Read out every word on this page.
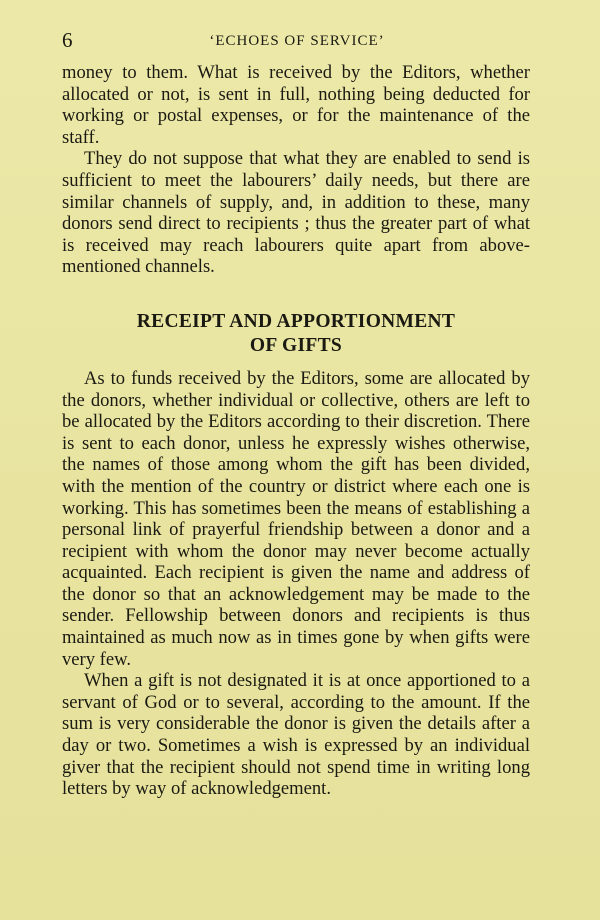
6	‘ECHOES OF SERVICE’

money to them. What is received by the Editors, whether allocated or not, is sent in full, nothing being deducted for working or postal expenses, or for the maintenance of the staff.

They do not suppose that what they are enabled to send is sufficient to meet the labourers’ daily needs, but there are similar channels of supply, and, in addition to these, many donors send direct to recipients ; thus the greater part of what is received may reach labourers quite apart from above-mentioned channels.

RECEIPT AND APPORTIONMENT
OF GIFTS

As to funds received by the Editors, some are allocated by the donors, whether individual or collective, others are left to be allocated by the Editors according to their discretion. There is sent to each donor, unless he expressly wishes otherwise, the names of those among whom the gift has been divided, with the mention of the country or district where each one is working. This has sometimes been the means of establishing a personal link of prayerful friendship between a donor and a recipient with whom the donor may never become actually acquainted. Each recipient is given the name and address of the donor so that an acknowledgement may be made to the sender. Fellowship between donors and recipients is thus maintained as much now as in times gone by when gifts were very few.

When a gift is not designated it is at once apportioned to a servant of God or to several, according to the amount. If the sum is very considerable the donor is given the details after a day or two. Sometimes a wish is expressed by an individual giver that the recipient should not spend time in writing long letters by way of acknowledgement.
